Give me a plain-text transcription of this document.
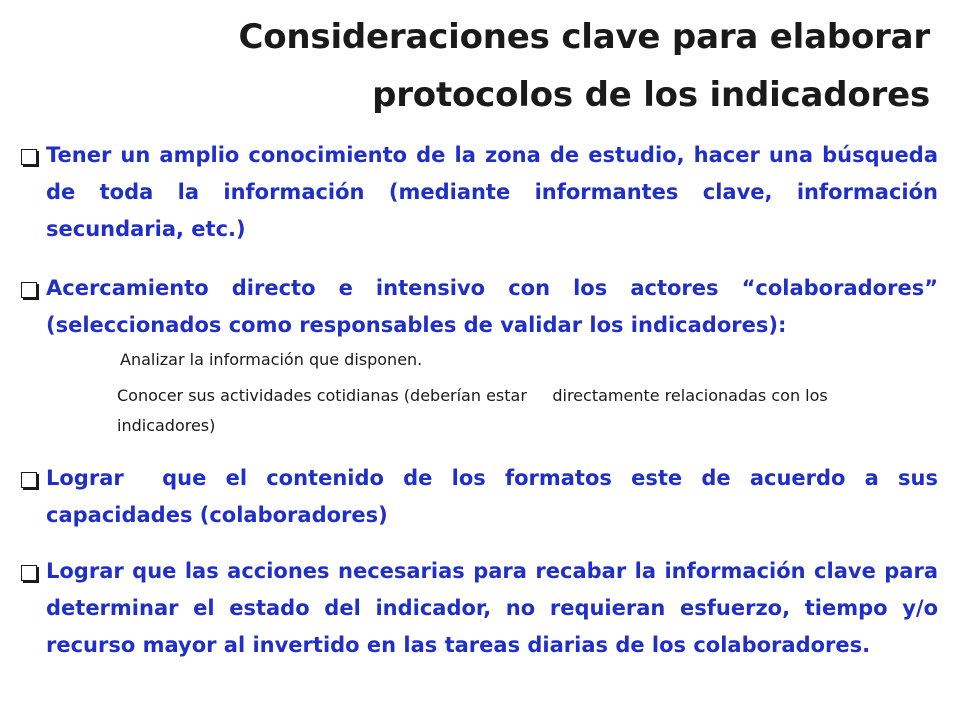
Consideraciones clave para elaborar
protocolos de los indicadores
Tener un amplio conocimiento de la zona de estudio, hacer una búsqueda de toda la información (mediante informantes clave, información secundaria, etc.)
Acercamiento directo e intensivo con los actores “colaboradores” (seleccionados como responsables de validar los indicadores):
Analizar la información que disponen.
Conocer sus actividades cotidianas (deberían estar     directamente relacionadas con los indicadores)
Lograr  que el contenido de los formatos este de acuerdo a sus capacidades (colaboradores)
Lograr que las acciones necesarias para recabar la información clave para determinar el estado del indicador, no requieran esfuerzo, tiempo y/o recurso mayor al invertido en las tareas diarias de los colaboradores.
